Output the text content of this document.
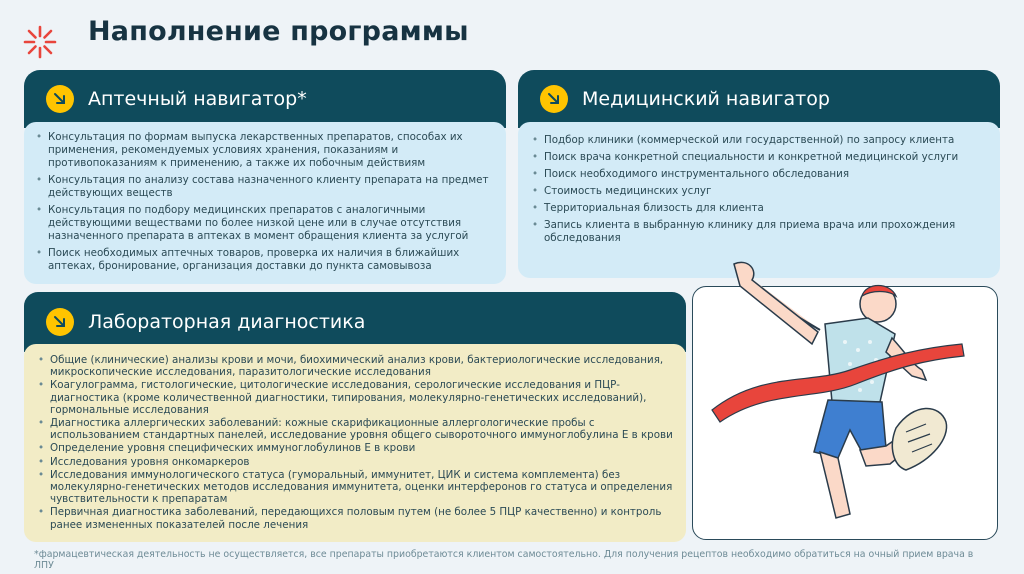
Наполнение программы
Аптечный навигатор*
• Консультация по формам выпуска лекарственных препаратов, способах их применения, рекомендуемых условиях хранения, показаниям и противопоказаниям к применению, а также их побочным действиям
• Консультация по анализу состава назначенного клиенту препарата на предмет действующих веществ
• Консультация по подбору медицинских препаратов с аналогичными действующими веществами по более низкой цене или в случае отсутствия назначенного препарата в аптеках в момент обращения клиента за услугой
• Поиск необходимых аптечных товаров, проверка их наличия в ближайших аптеках, бронирование, организация доставки до пункта самовывоза
Медицинский навигатор
• Подбор клиники (коммерческой или государственной) по запросу клиента
• Поиск врача конкретной специальности и конкретной медицинской услуги
• Поиск необходимого инструментального обследования
• Стоимость медицинских услуг
• Территориальная близость для клиента
• Запись клиента в выбранную клинику для приема врача или прохождения обследования
Лабораторная диагностика
• Общие (клинические) анализы крови и мочи, биохимический анализ крови, бактериологические исследования, микроскопические исследования, паразитологические исследования
• Коагулограмма, гистологические, цитологические исследования, серологические исследования и ПЦР-диагностика (кроме количественной диагностики, типирования, молекулярно-генетических исследований), гормональные исследования
• Диагностика аллергических заболеваний: кожные скарификационные аллергологические пробы с использованием стандартных панелей, исследование уровня общего сывороточного иммуноглобулина Е в крови
• Определение уровня специфических иммуноглобулинов Е в крови
• Исследования уровня онкомаркеров
• Исследования иммунологического статуса (гуморальный, иммунитет, ЦИК и система комплемента) без молекулярно-генетических методов исследования иммунитета, оценки интерферонов го статуса и определения чувствительности к препаратам
• Первичная диагностика заболеваний, передающихся половым путем (не более 5 ПЦР качественно) и контроль ранее измененных показателей после лечения
*фармацевтическая деятельность не осуществляется, все препараты приобретаются клиентом самостоятельно. Для получения рецептов необходимо обратиться на очный прием врача в ЛПУ
